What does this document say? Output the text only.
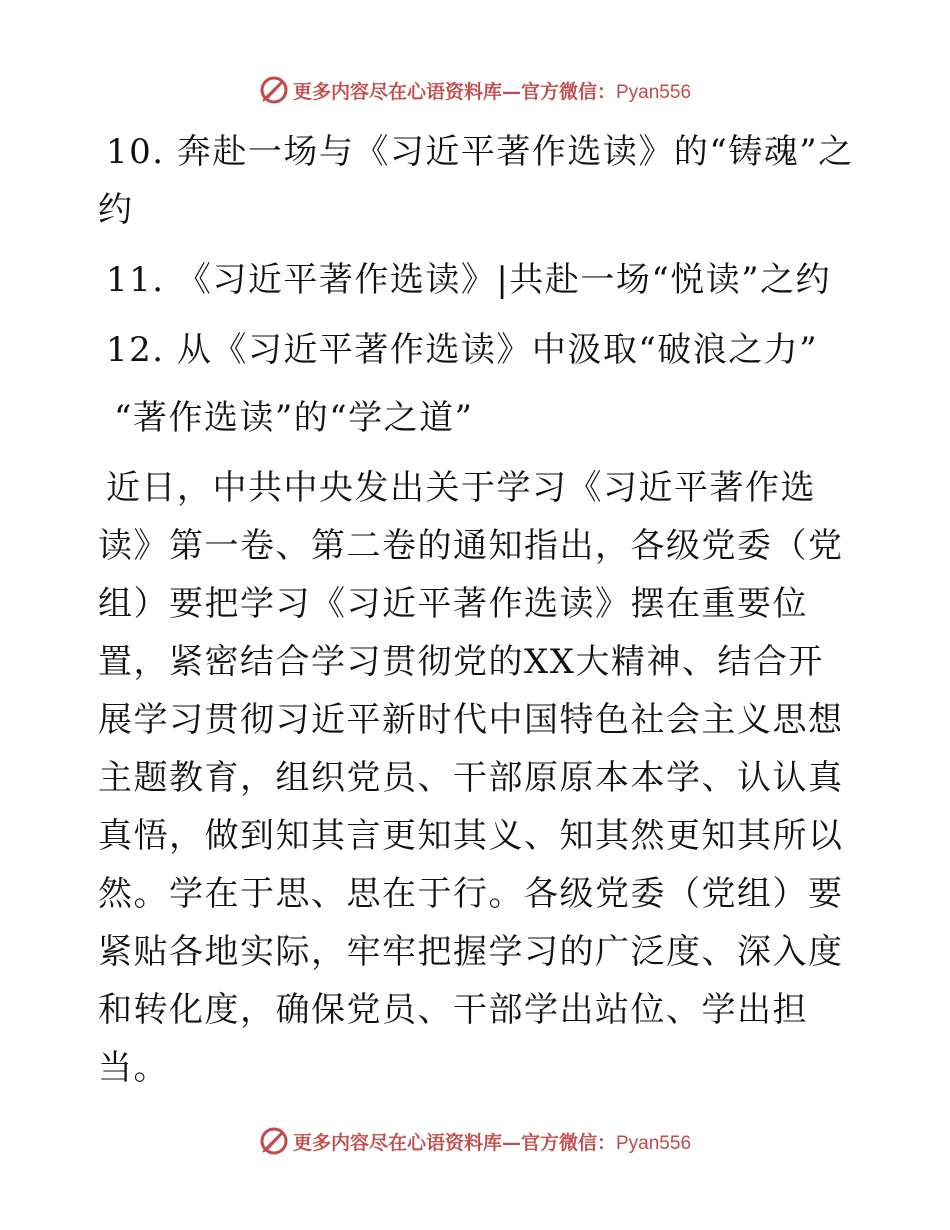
更多内容尽在心语资料库—官方微信：Pyan556

10. 奔赴一场与《习近平著作选读》的“铸魂”之约

11. 《习近平著作选读》|共赴一场“悦读”之约

12. 从《习近平著作选读》中汲取“破浪之力”

“著作选读”的“学之道”

近日，中共中央发出关于学习《习近平著作选读》第一卷、第二卷的通知指出，各级党委（党组）要把学习《习近平著作选读》摆在重要位置，紧密结合学习贯彻党的XX大精神、结合开展学习贯彻习近平新时代中国特色社会主义思想主题教育，组织党员、干部原原本本学、认认真真悟，做到知其言更知其义、知其然更知其所以然。学在于思、思在于行。各级党委（党组）要紧贴各地实际，牢牢把握学习的广泛度、深入度和转化度，确保党员、干部学出站位、学出担当。

更多内容尽在心语资料库—官方微信：Pyan556
